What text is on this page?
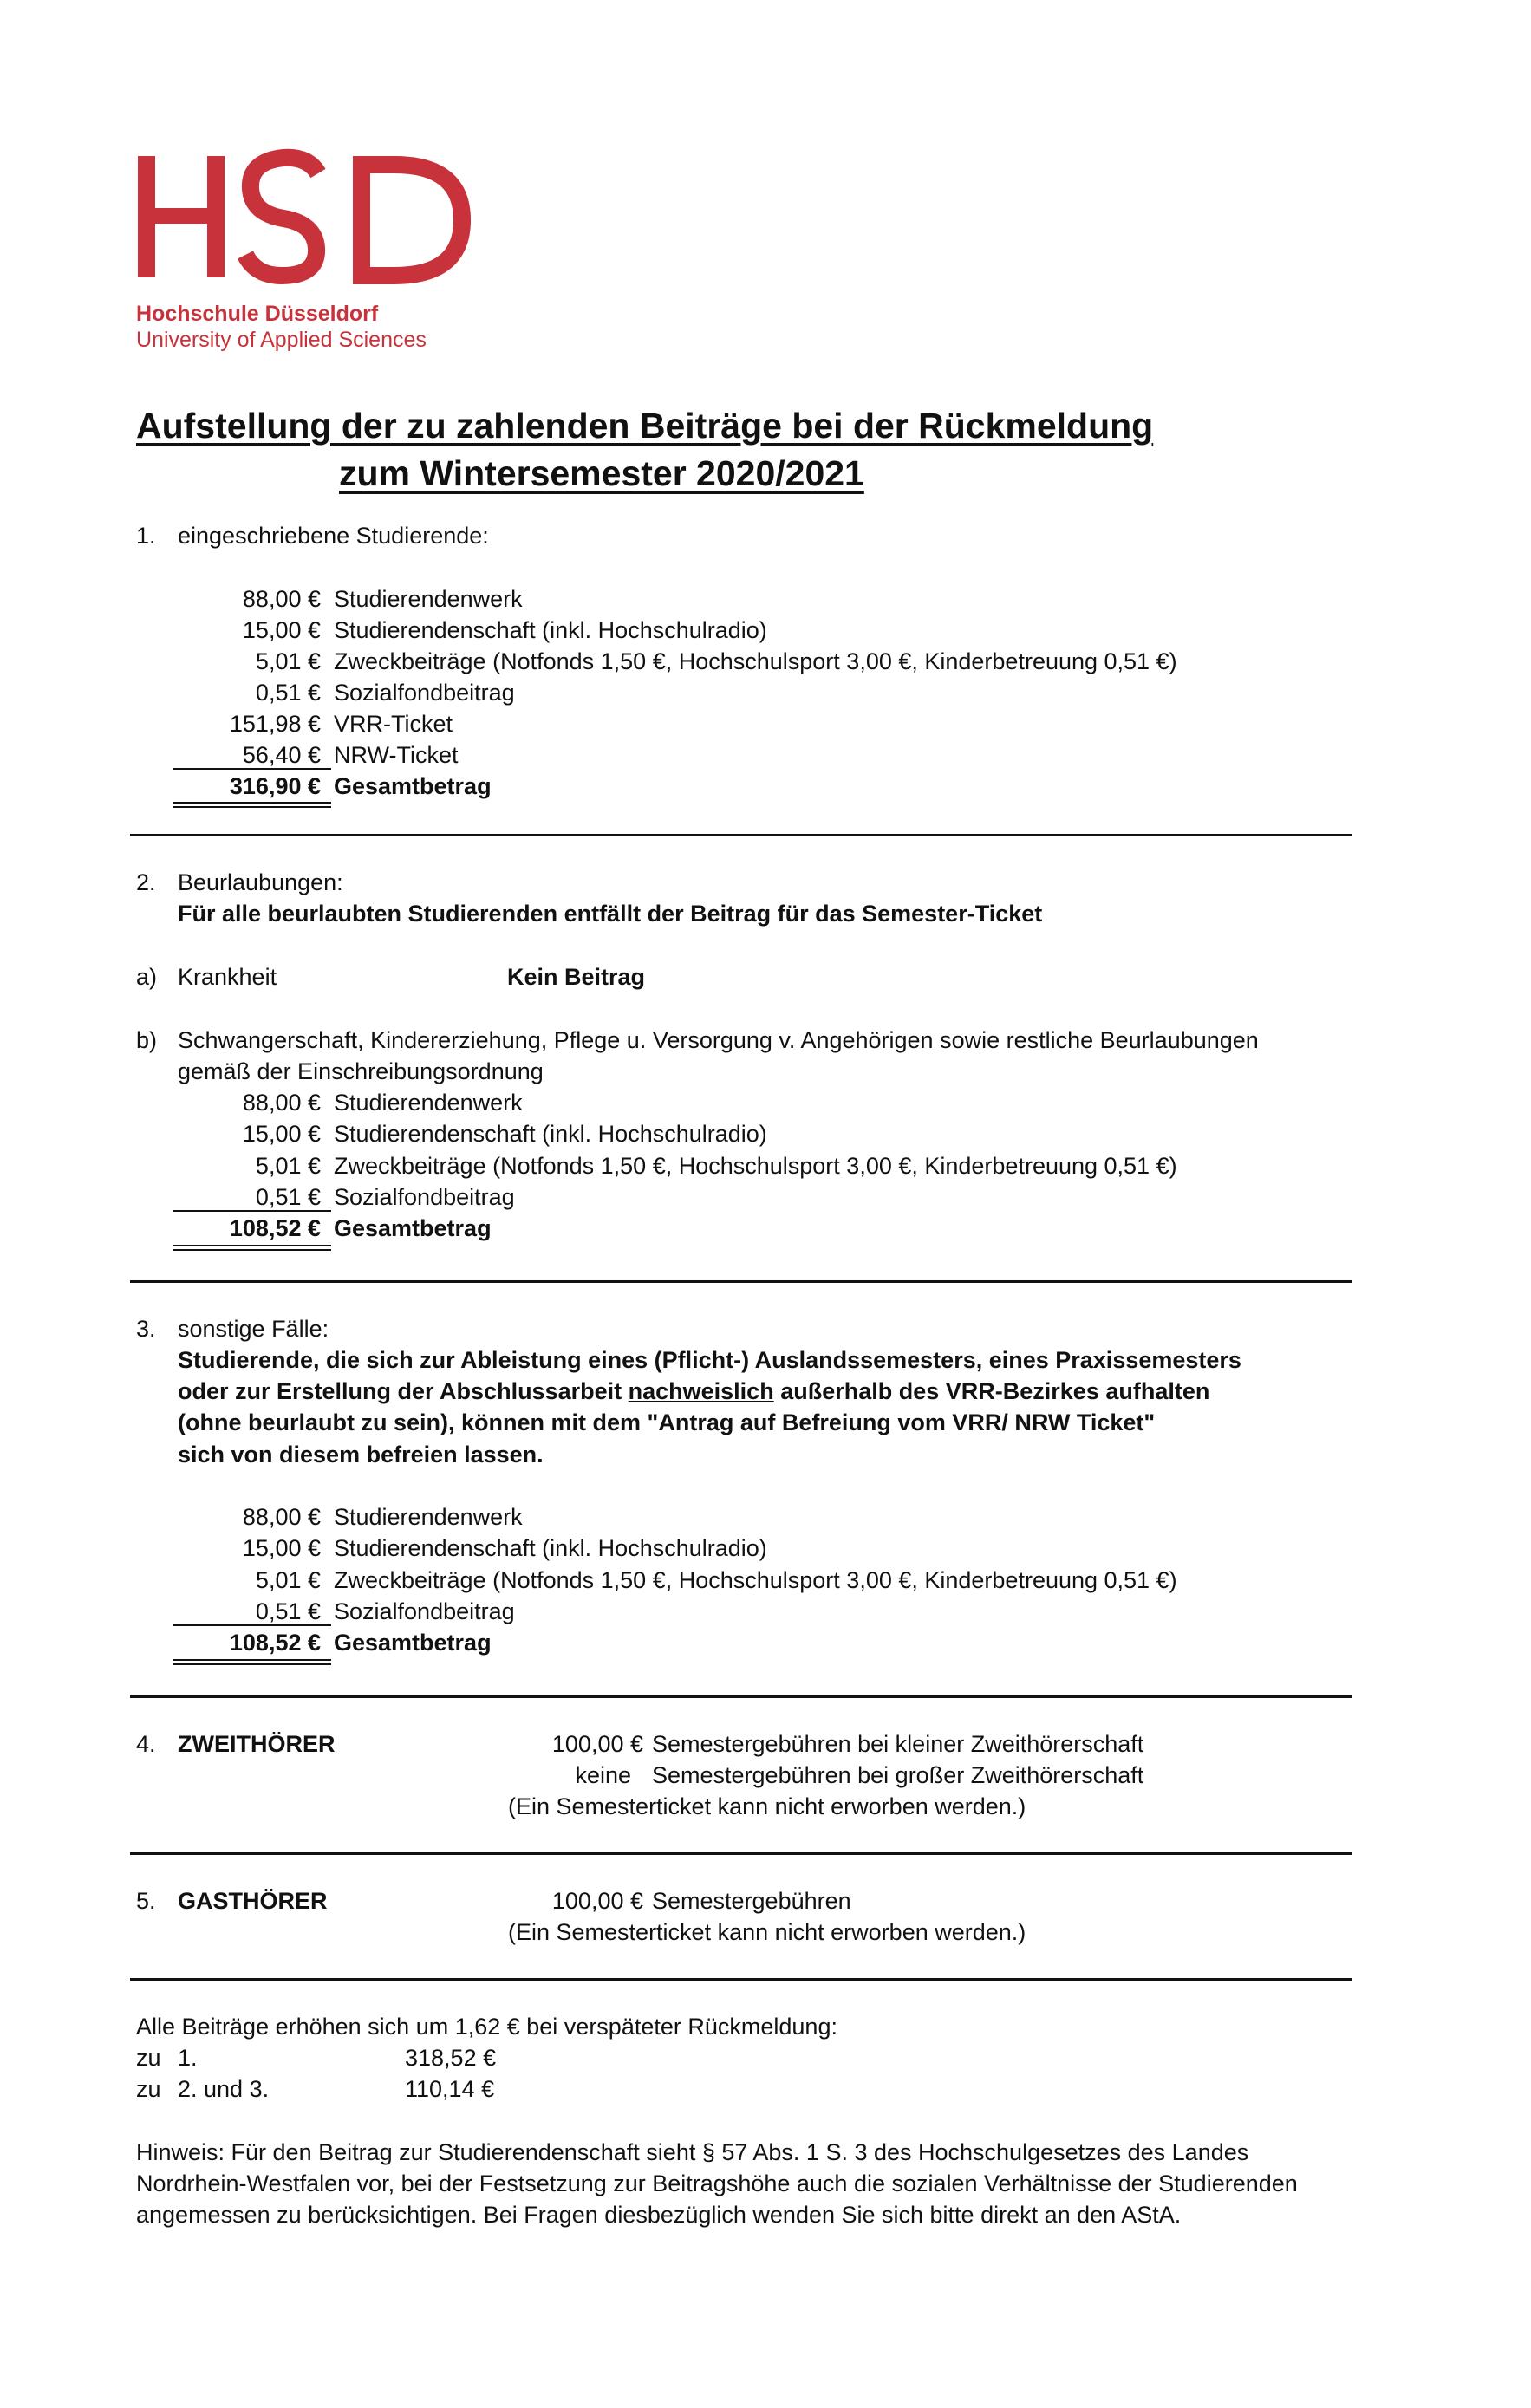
Hochschule Düsseldorf
University of Applied Sciences
Aufstellung der zu zahlenden Beiträge bei der Rückmeldung
zum Wintersemester 2020/2021
1. eingeschriebene Studierende:
88,00 € Studierendenwerk
15,00 € Studierendenschaft (inkl. Hochschulradio)
5,01 € Zweckbeiträge (Notfonds 1,50 €, Hochschulsport 3,00 €, Kinderbetreuung 0,51 €)
0,51 € Sozialfondbeitrag
151,98 € VRR-Ticket
56,40 € NRW-Ticket
316,90 € Gesamtbetrag
2. Beurlaubungen:
Für alle beurlaubten Studierenden entfällt der Beitrag für das Semester-Ticket
a) Krankheit	Kein Beitrag
b) Schwangerschaft, Kindererziehung, Pflege u. Versorgung v. Angehörigen sowie restliche Beurlaubungen
gemäß der Einschreibungsordnung
88,00 € Studierendenwerk
15,00 € Studierendenschaft (inkl. Hochschulradio)
5,01 € Zweckbeiträge (Notfonds 1,50 €, Hochschulsport 3,00 €, Kinderbetreuung 0,51 €)
0,51 € Sozialfondbeitrag
108,52 € Gesamtbetrag
3. sonstige Fälle:
Studierende, die sich zur Ableistung eines (Pflicht-) Auslandssemesters, eines Praxissemesters
oder zur Erstellung der Abschlussarbeit nachweislich außerhalb des VRR-Bezirkes aufhalten
(ohne beurlaubt zu sein), können mit dem "Antrag auf Befreiung vom VRR/ NRW Ticket"
sich von diesem befreien lassen.
88,00 € Studierendenwerk
15,00 € Studierendenschaft (inkl. Hochschulradio)
5,01 € Zweckbeiträge (Notfonds 1,50 €, Hochschulsport 3,00 €, Kinderbetreuung 0,51 €)
0,51 € Sozialfondbeitrag
108,52 € Gesamtbetrag
4. ZWEITHÖRER	100,00 € Semestergebühren bei kleiner Zweithörerschaft
keine Semestergebühren bei großer Zweithörerschaft
(Ein Semesterticket kann nicht erworben werden.)
5. GASTHÖRER	100,00 € Semestergebühren
(Ein Semesterticket kann nicht erworben werden.)
Alle Beiträge erhöhen sich um 1,62 € bei verspäteter Rückmeldung:
zu 1.	318,52 €
zu 2. und 3.	110,14 €
Hinweis: Für den Beitrag zur Studierendenschaft sieht § 57 Abs. 1 S. 3 des Hochschulgesetzes des Landes
Nordrhein-Westfalen vor, bei der Festsetzung zur Beitragshöhe auch die sozialen Verhältnisse der Studierenden
angemessen zu berücksichtigen. Bei Fragen diesbezüglich wenden Sie sich bitte direkt an den AStA.
